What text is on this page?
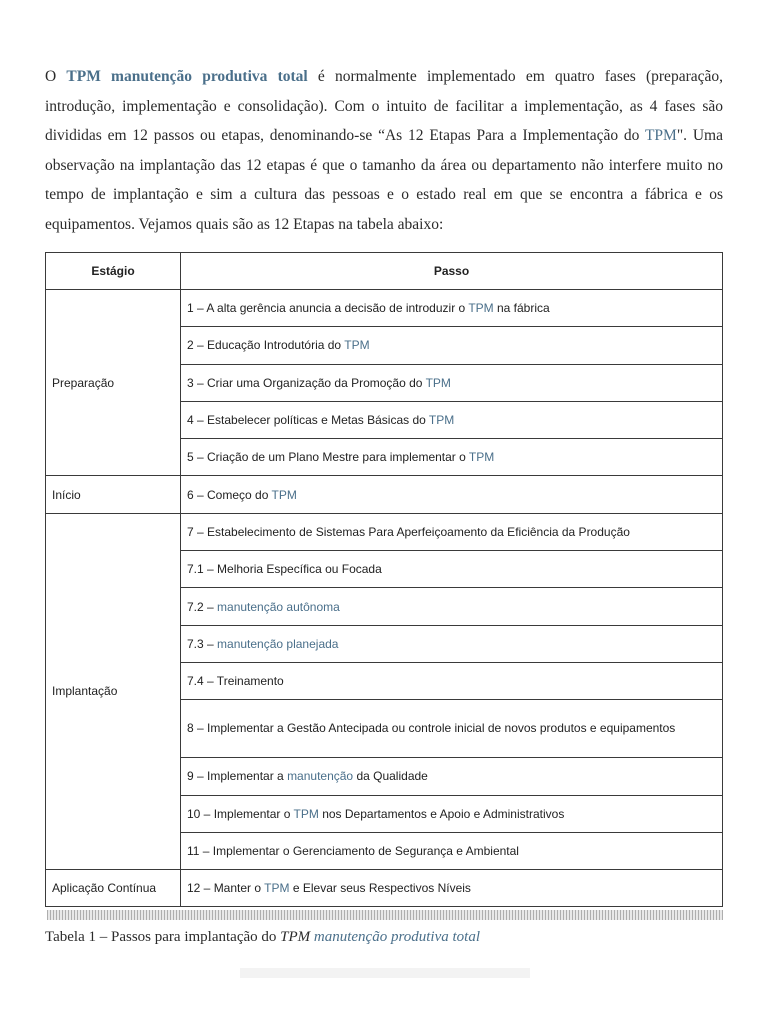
O TPM manutenção produtiva total é normalmente implementado em quatro fases (preparação, introdução, implementação e consolidação). Com o intuito de facilitar a implementação, as 4 fases são divididas em 12 passos ou etapas, denominando-se “As 12 Etapas Para a Implementação do TPM". Uma observação na implantação das 12 etapas é que o tamanho da área ou departamento não interfere muito no tempo de implantação e sim a cultura das pessoas e o estado real em que se encontra a fábrica e os equipamentos. Vejamos quais são as 12 Etapas na tabela abaixo:

Estágio	Passo
Preparação	1 – A alta gerência anuncia a decisão de introduzir o TPM na fábrica
	2 – Educação Introdutória do TPM
	3 – Criar uma Organização da Promoção do TPM
	4 – Estabelecer políticas e Metas Básicas do TPM
	5 – Criação de um Plano Mestre para implementar o TPM
Início	6 – Começo do TPM
Implantação	7 – Estabelecimento de Sistemas Para Aperfeiçoamento da Eficiência da Produção
	7.1 – Melhoria Específica ou Focada
	7.2 – manutenção autônoma
	7.3 – manutenção planejada
	7.4 – Treinamento
	8 – Implementar a Gestão Antecipada ou controle inicial de novos produtos e equipamentos
	9 – Implementar a manutenção da Qualidade
	10 – Implementar o TPM nos Departamentos e Apoio e Administrativos
	11 – Implementar o Gerenciamento de Segurança e Ambiental
Aplicação Contínua	12 – Manter o TPM e Elevar seus Respectivos Níveis
Tabela 1 – Passos para implantação do TPM manutenção produtiva total
